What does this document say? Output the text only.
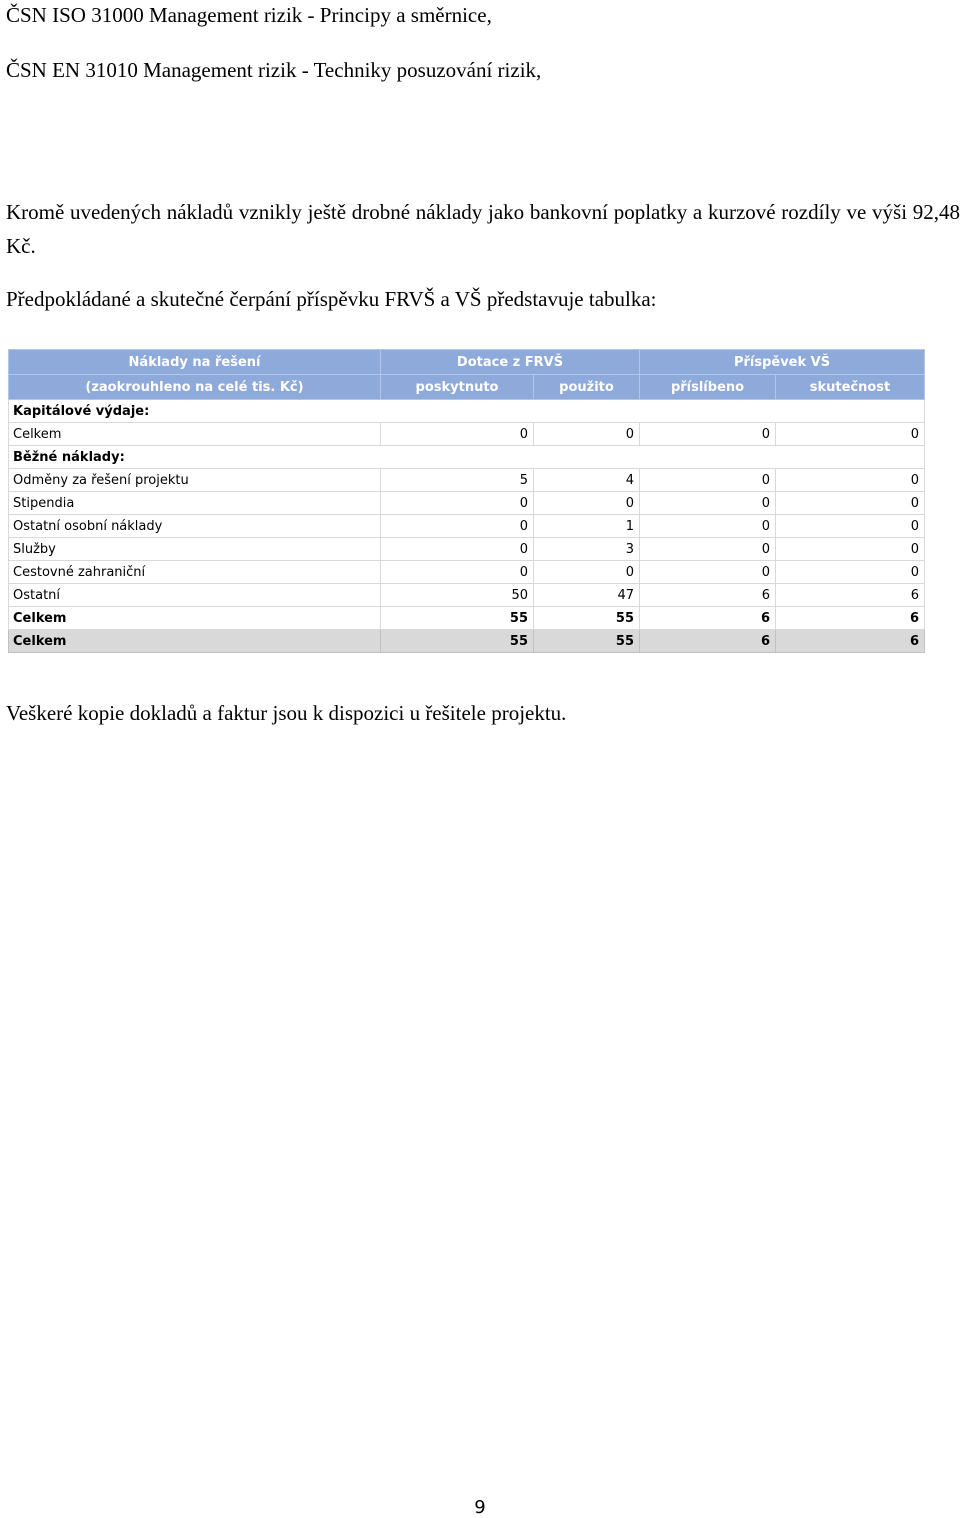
ČSN ISO 31000 Management rizik - Principy a směrnice,

ČSN EN 31010 Management rizik - Techniky posuzování rizik,

Kromě uvedených nákladů vznikly ještě drobné náklady jako bankovní poplatky a kurzové rozdíly ve výši 92,48 Kč.

Předpokládané a skutečné čerpání příspěvku FRVŠ a VŠ představuje tabulka:

Náklady na řešení	Dotace z FRVŠ		Příspěvek VŠ	
(zaokrouhleno na celé tis. Kč)	poskytnuto	použito	příslíbeno	skutečnost
Kapitálové výdaje:				
Celkem	0	0	0	0
Běžné náklady:				
Odměny za řešení projektu	5	4	0	0
Stipendia	0	0	0	0
Ostatní osobní náklady	0	1	0	0
Služby	0	3	0	0
Cestovné zahraniční	0	0	0	0
Ostatní	50	47	6	6
Celkem	55	55	6	6
Celkem	55	55	6	6

Veškeré kopie dokladů a faktur jsou k dispozici u řešitele projektu.

9
